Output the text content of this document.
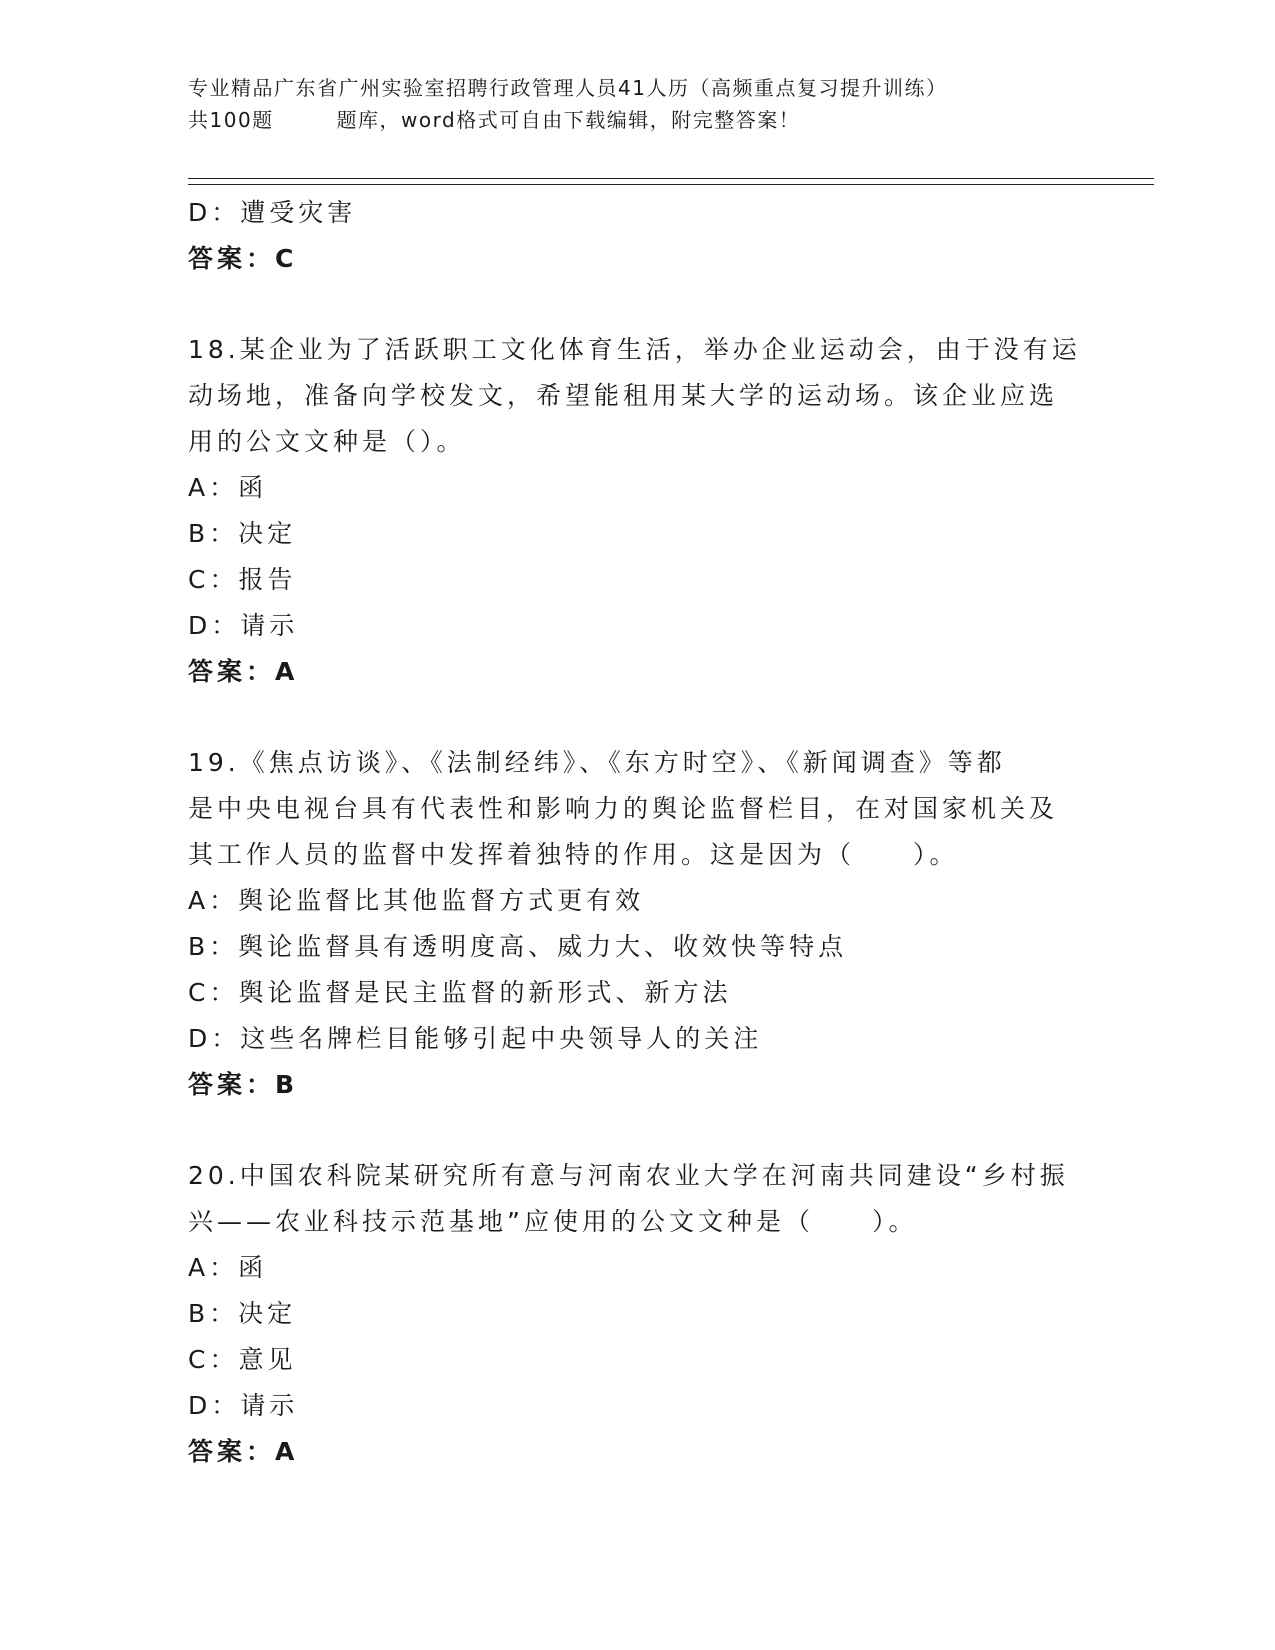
专业精品广东省广州实验室招聘行政管理人员41人历（高频重点复习提升训练）
共100题        题库，word格式可自由下载编辑，附完整答案！
D：遭受灾害
答案：C
18.某企业为了活跃职工文化体育生活，举办企业运动会，由于没有运
动场地，准备向学校发文，希望能租用某大学的运动场。该企业应选
用的公文文种是（）。
A：函
B：决定
C：报告
D：请示
答案：A
19.《焦点访谈》、《法制经纬》、《东方时空》、《新闻调查》等都
是中央电视台具有代表性和影响力的舆论监督栏目，在对国家机关及
其工作人员的监督中发挥着独特的作用。这是因为（　　）。
A：舆论监督比其他监督方式更有效
B：舆论监督具有透明度高、威力大、收效快等特点
C：舆论监督是民主监督的新形式、新方法
D：这些名牌栏目能够引起中央领导人的关注
答案：B
20.中国农科院某研究所有意与河南农业大学在河南共同建设“乡村振
兴——农业科技示范基地”应使用的公文文种是（　　）。
A：函
B：决定
C：意见
D：请示
答案：A
